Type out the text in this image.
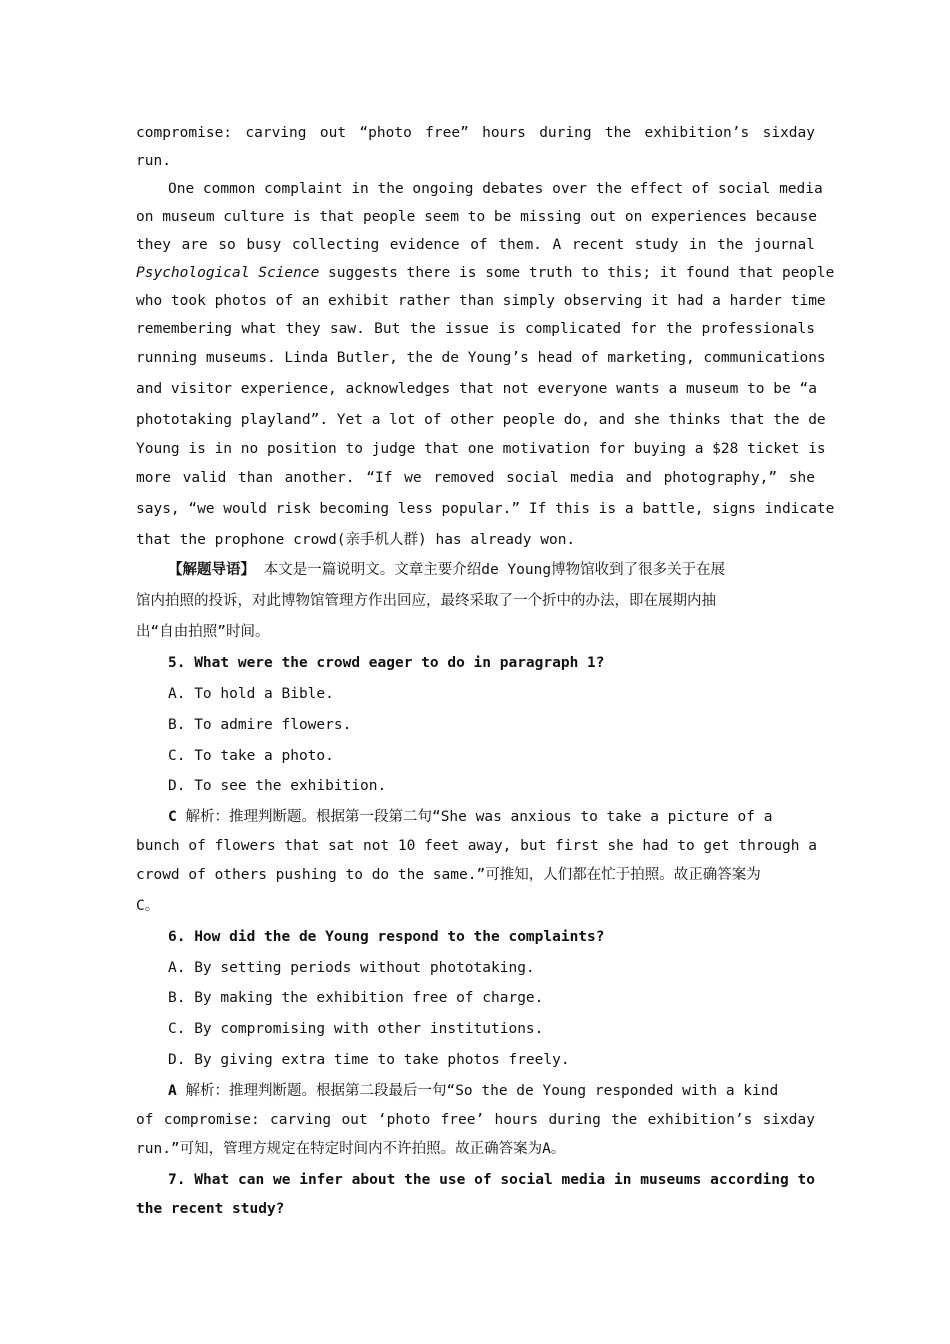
compromise: carving out “photo free” hours during the exhibition’s sixday
run.
One common complaint in the ongoing debates over the effect of social media
on museum culture is that people seem to be missing out on experiences because
they are so busy collecting evidence of them. A recent study in the journal
Psychological Science suggests there is some truth to this; it found that people
who took photos of an exhibit rather than simply observing it had a harder time
remembering what they saw. But the issue is complicated for the professionals
running museums. Linda Butler, the de Young’s head of marketing, communications
and visitor experience, acknowledges that not everyone wants a museum to be “a
phototaking playland”. Yet a lot of other people do, and she thinks that the de
Young is in no position to judge that one motivation for buying a $28 ticket is
more valid than another. “If we removed social media and photography,” she
says, “we would risk becoming less popular.” If this is a battle, signs indicate
that the prophone crowd(亲手机人群) has already won.
【解题导语】 本文是一篇说明文。文章主要介绍de Young博物馆收到了很多关于在展
馆内拍照的投诉，对此博物馆管理方作出回应，最终采取了一个折中的办法，即在展期内抽
出“自由拍照”时间。
5. What were the crowd eager to do in paragraph 1?
A. To hold a Bible.
B. To admire flowers.
C. To take a photo.
D. To see the exhibition.
C 解析：推理判断题。根据第一段第二句“She was anxious to take a picture of a
bunch of flowers that sat not 10 feet away, but first she had to get through a
crowd of others pushing to do the same.”可推知，人们都在忙于拍照。故正确答案为
C。
6. How did the de Young respond to the complaints?
A. By setting periods without phototaking.
B. By making the exhibition free of charge.
C. By compromising with other institutions.
D. By giving extra time to take photos freely.
A 解析：推理判断题。根据第二段最后一句“So the de Young responded with a kind
of compromise: carving out ‘photo free’ hours during the exhibition’s sixday
run.”可知，管理方规定在特定时间内不许拍照。故正确答案为A。
7. What can we infer about the use of social media in museums according to
the recent study?
